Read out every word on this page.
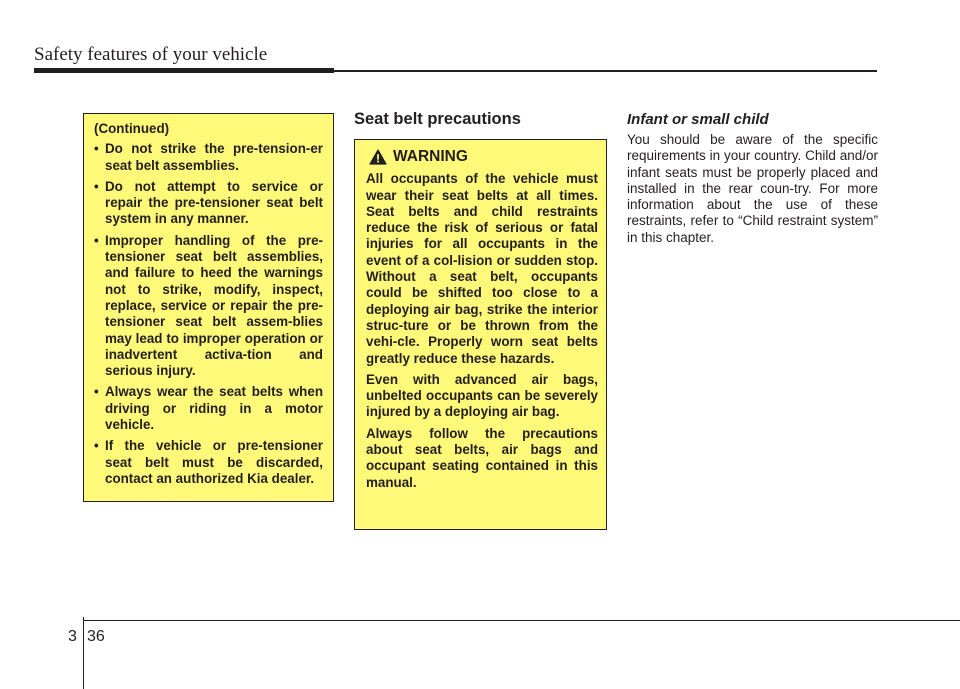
Safety features of your vehicle

(Continued)

• Do not strike the pre-tension-er seat belt assemblies.
• Do not attempt to service or repair the pre-tensioner seat belt system in any manner.
• Improper handling of the pre-tensioner seat belt assemblies, and failure to heed the warnings not to strike, modify, inspect, replace, service or repair the pre-tensioner seat belt assem-blies may lead to improper operation or inadvertent activa-tion and serious injury.
• Always wear the seat belts when driving or riding in a motor vehicle.
• If the vehicle or pre-tensioner seat belt must be discarded, contact an authorized Kia dealer.
Seat belt precautions
WARNING

All occupants of the vehicle must wear their seat belts at all times. Seat belts and child restraints reduce the risk of serious or fatal injuries for all occupants in the event of a col-lision or sudden stop. Without a seat belt, occupants could be shifted too close to a deploying air bag, strike the interior struc-ture or be thrown from the vehi-cle. Properly worn seat belts greatly reduce these hazards.

Even with advanced air bags, unbelted occupants can be severely injured by a deploying air bag.

Always follow the precautions about seat belts, air bags and occupant seating contained in this manual.

Infant or small child

You should be aware of the specific requirements in your country. Child and/or infant seats must be properly placed and installed in the rear coun-try. For more information about the use of these restraints, refer to “Child restraint system” in this chapter.

3 36
